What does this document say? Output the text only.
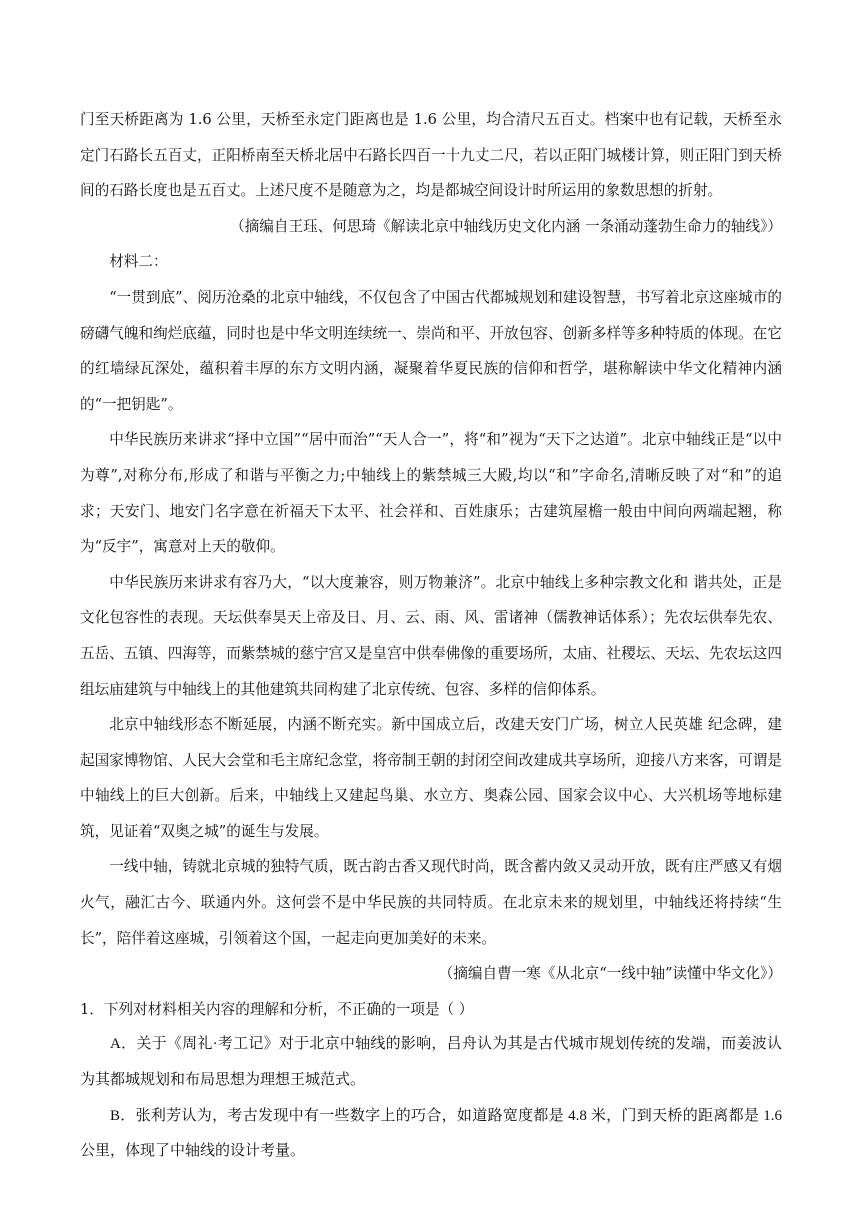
门至天桥距离为 1.6 公里，天桥至永定门距离也是 1.6 公里，均合清尺五百丈。档案中也有记载，天桥至永定门石路长五百丈，正阳桥南至天桥北居中石路长四百一十九丈二尺，若以正阳门城楼计算，则正阳门到天桥间的石路长度也是五百丈。上述尺度不是随意为之，均是都城空间设计时所运用的象数思想的折射。

（摘编自王珏、何思琦《解读北京中轴线历史文化内涵 一条涌动蓬勃生命力的轴线》）

材料二：

“一贯到底”、阅历沧桑的北京中轴线，不仅包含了中国古代都城规划和建设智慧，书写着北京这座城市的磅礴气魄和绚烂底蕴，同时也是中华文明连续统一、崇尚和平、开放包容、创新多样等多种特质的体现。在它的红墙绿瓦深处，蕴积着丰厚的东方文明内涵，凝聚着华夏民族的信仰和哲学，堪称解读中华文化精神内涵的“一把钥匙”。

中华民族历来讲求“择中立国”“居中而治”“天人合一”，将“和”视为“天下之达道”。北京中轴线正是“以中为尊”,对称分布,形成了和谐与平衡之力;中轴线上的紫禁城三大殿,均以“和”字命名,清晰反映了对“和”的追求；天安门、地安门名字意在祈福天下太平、社会祥和、百姓康乐；古建筑屋檐一般由中间向两端起翘，称为“反宇”，寓意对上天的敬仰。

中华民族历来讲求有容乃大，“以大度兼容，则万物兼济”。北京中轴线上多种宗教文化和 谐共处，正是文化包容性的表现。天坛供奉昊天上帝及日、月、云、雨、风、雷诸神（儒教神话体系）；先农坛供奉先农、五岳、五镇、四海等，而紫禁城的慈宁宫又是皇宫中供奉佛像的重要场所，太庙、社稷坛、天坛、先农坛这四组坛庙建筑与中轴线上的其他建筑共同构建了北京传统、包容、多样的信仰体系。

北京中轴线形态不断延展，内涵不断充实。新中国成立后，改建天安门广场，树立人民英雄 纪念碑，建起国家博物馆、人民大会堂和毛主席纪念堂，将帝制王朝的封闭空间改建成共享场所，迎接八方来客，可谓是中轴线上的巨大创新。后来，中轴线上又建起鸟巢、水立方、奥森公园、国家会议中心、大兴机场等地标建筑，见证着“双奥之城”的诞生与发展。

一线中轴，铸就北京城的独特气质，既古韵古香又现代时尚，既含蓄内敛又灵动开放，既有庄严感又有烟火气，融汇古今、联通内外。这何尝不是中华民族的共同特质。在北京未来的规划里，中轴线还将持续“生长”，陪伴着这座城，引领着这个国，一起走向更加美好的未来。

（摘编自曹一寒《从北京“一线中轴”读懂中华文化》）

1．下列对材料相关内容的理解和分析，不正确的一项是（ ）

A．关于《周礼·考工记》对于北京中轴线的影响，吕舟认为其是古代城市规划传统的发端，而姜波认为其都城规划和布局思想为理想王城范式。

B．张利芳认为，考古发现中有一些数字上的巧合，如道路宽度都是 4.8 米，门到天桥的距离都是 1.6 公里，体现了中轴线的设计考量。
